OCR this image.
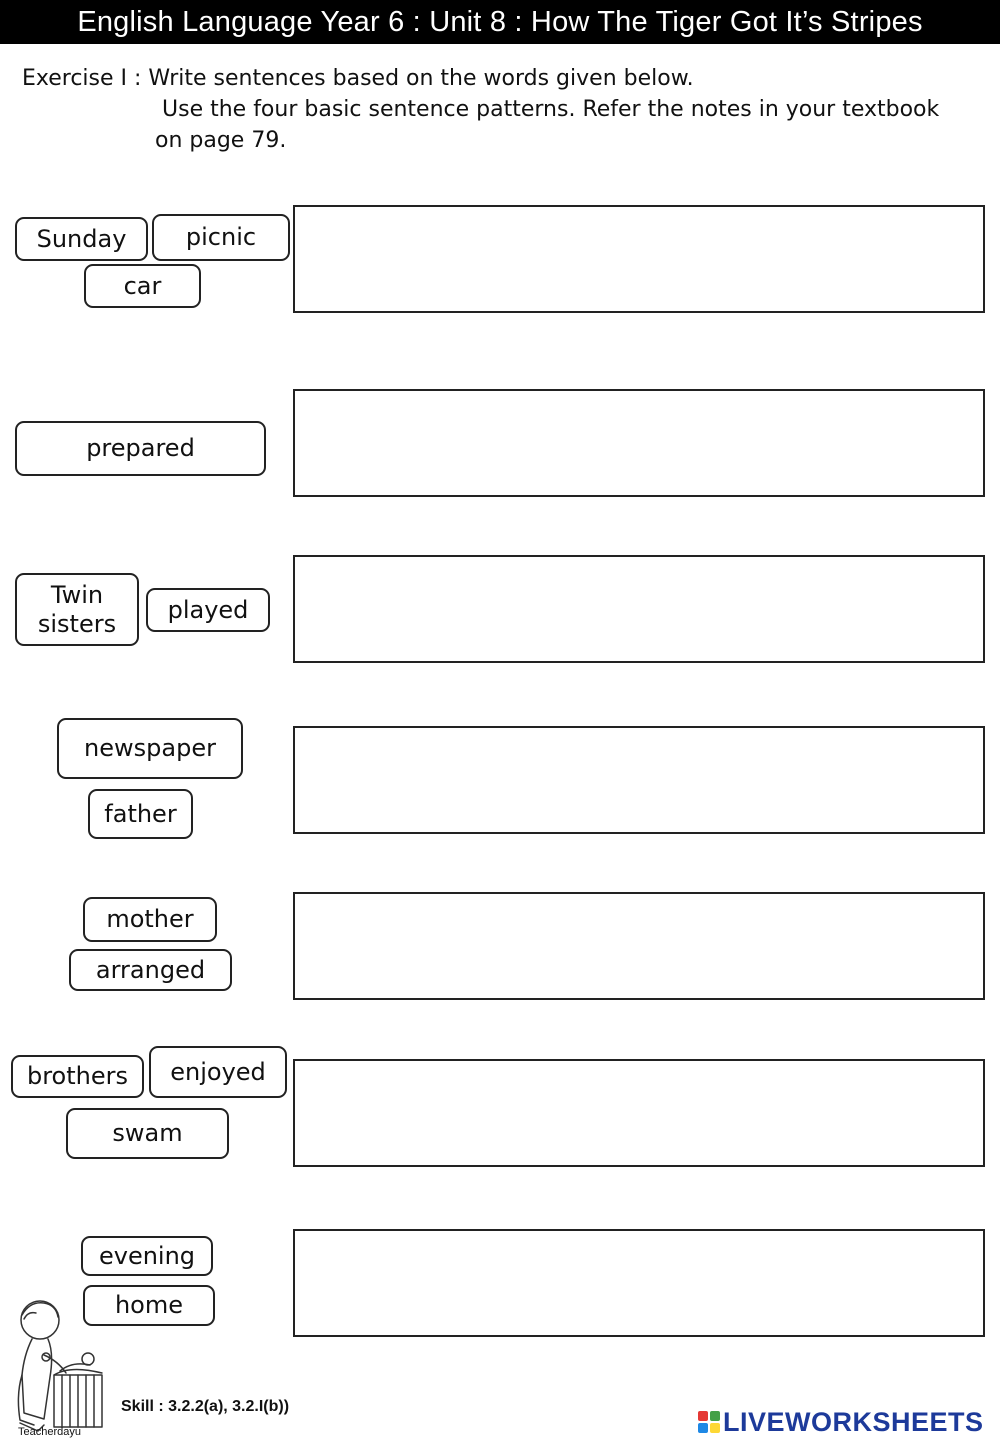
English Language Year 6 : Unit 8 : How The Tiger Got It’s Stripes
Exercise I : Write sentences based on the words given below.
Use the four basic sentence patterns. Refer the notes in your textbook
on page 79.
Sunday	picnic
car
prepared
Twin sisters	played
newspaper
father
mother
arranged
brothers	enjoyed
swam
evening
home
Teacherdayu
Skill : 3.2.2(a), 3.2.I(b))	LIVEWORKSHEETS
